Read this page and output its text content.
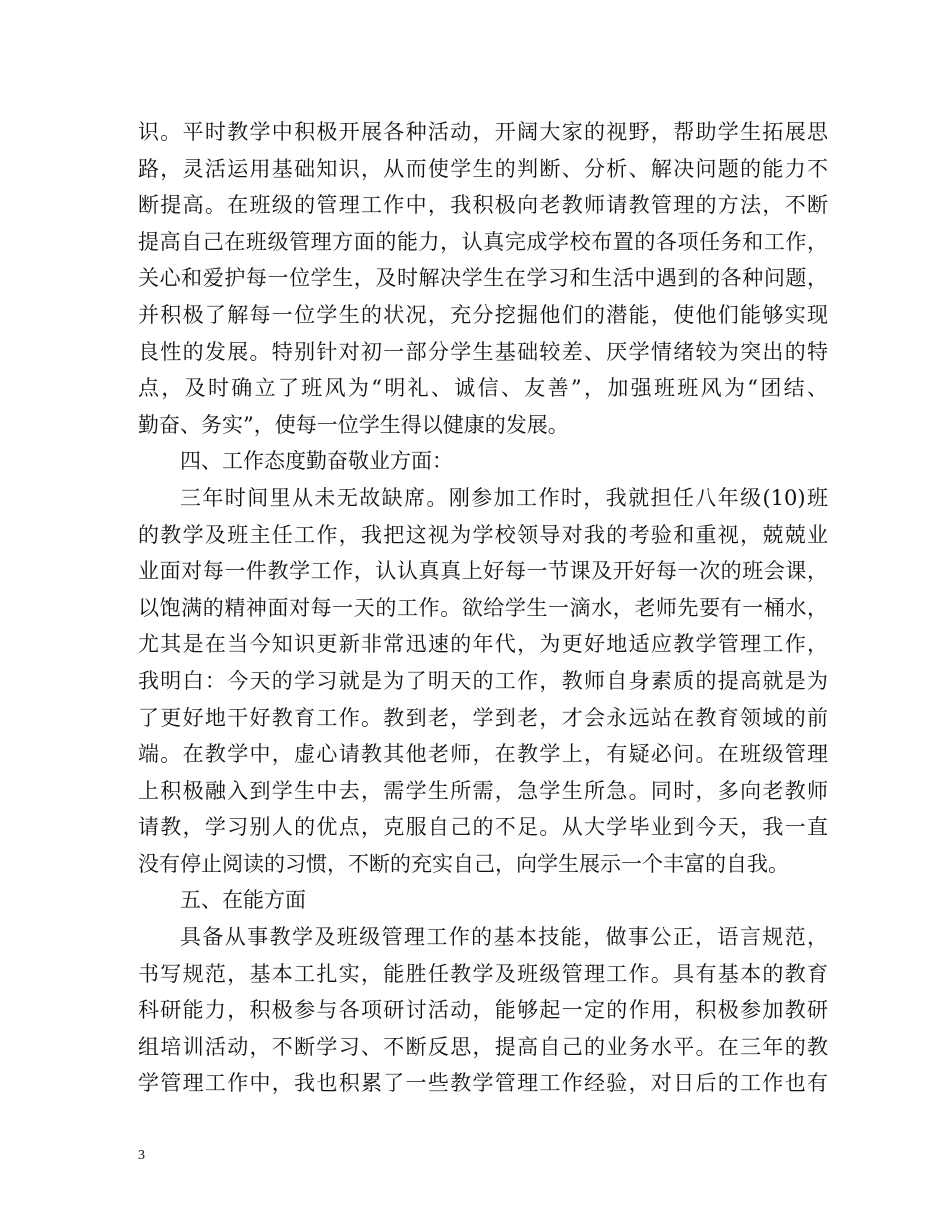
识。平时教学中积极开展各种活动，开阔大家的视野，帮助学生拓展思
路，灵活运用基础知识，从而使学生的判断、分析、解决问题的能力不
断提高。在班级的管理工作中，我积极向老教师请教管理的方法，不断
提高自己在班级管理方面的能力，认真完成学校布置的各项任务和工作，
关心和爱护每一位学生，及时解决学生在学习和生活中遇到的各种问题，
并积极了解每一位学生的状况，充分挖掘他们的潜能，使他们能够实现
良性的发展。特别针对初一部分学生基础较差、厌学情绪较为突出的特
点，及时确立了班风为“明礼、诚信、友善”，加强班班风为“团结、
勤奋、务实”，使每一位学生得以健康的发展。
四、工作态度勤奋敬业方面：
三年时间里从未无故缺席。刚参加工作时，我就担任八年级(10)班
的教学及班主任工作，我把这视为学校领导对我的考验和重视，兢兢业
业面对每一件教学工作，认认真真上好每一节课及开好每一次的班会课，
以饱满的精神面对每一天的工作。欲给学生一滴水，老师先要有一桶水，
尤其是在当今知识更新非常迅速的年代，为更好地适应教学管理工作，
我明白：今天的学习就是为了明天的工作，教师自身素质的提高就是为
了更好地干好教育工作。教到老，学到老，才会永远站在教育领域的前
端。在教学中，虚心请教其他老师，在教学上，有疑必问。在班级管理
上积极融入到学生中去，需学生所需，急学生所急。同时，多向老教师
请教，学习别人的优点，克服自己的不足。从大学毕业到今天，我一直
没有停止阅读的习惯，不断的充实自己，向学生展示一个丰富的自我。
五、在能方面
具备从事教学及班级管理工作的基本技能，做事公正，语言规范，
书写规范，基本工扎实，能胜任教学及班级管理工作。具有基本的教育
科研能力，积极参与各项研讨活动，能够起一定的作用，积极参加教研
组培训活动，不断学习、不断反思，提高自己的业务水平。在三年的教
学管理工作中，我也积累了一些教学管理工作经验，对日后的工作也有
3
